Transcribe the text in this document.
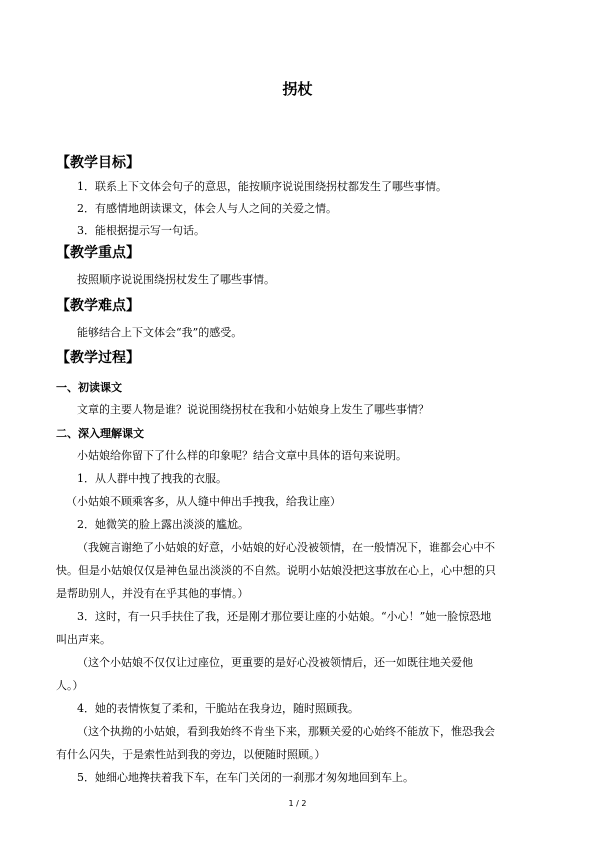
拐杖
【教学目标】
1．联系上下文体会句子的意思，能按顺序说说围绕拐杖都发生了哪些事情。
2．有感情地朗读课文，体会人与人之间的关爱之情。
3．能根据提示写一句话。
【教学重点】
按照顺序说说围绕拐杖发生了哪些事情。
【教学难点】
能够结合上下文体会“我”的感受。
【教学过程】
一、初读课文
文章的主要人物是谁？说说围绕拐杖在我和小姑娘身上发生了哪些事情？
二、深入理解课文
小姑娘给你留下了什么样的印象呢？结合文章中具体的语句来说明。
1．从人群中拽了拽我的衣服。
（小姑娘不顾乘客多，从人缝中伸出手拽我，给我让座）
2．她微笑的脸上露出淡淡的尴尬。
（我婉言谢绝了小姑娘的好意，小姑娘的好心没被领情，在一般情况下，谁都会心中不
快。但是小姑娘仅仅是神色显出淡淡的不自然。说明小姑娘没把这事放在心上，心中想的只
是帮助别人，并没有在乎其他的事情。）
3．这时，有一只手扶住了我，还是刚才那位要让座的小姑娘。“小心！”她一脸惊恐地
叫出声来。
（这个小姑娘不仅仅让过座位，更重要的是好心没被领情后，还一如既往地关爱他
人。）
4．她的表情恢复了柔和，干脆站在我身边，随时照顾我。
（这个执拗的小姑娘，看到我始终不肯坐下来，那颗关爱的心始终不能放下，惟恐我会
有什么闪失，于是索性站到我的旁边，以便随时照顾。）
5．她细心地搀扶着我下车，在车门关闭的一刹那才匆匆地回到车上。
1 / 2
